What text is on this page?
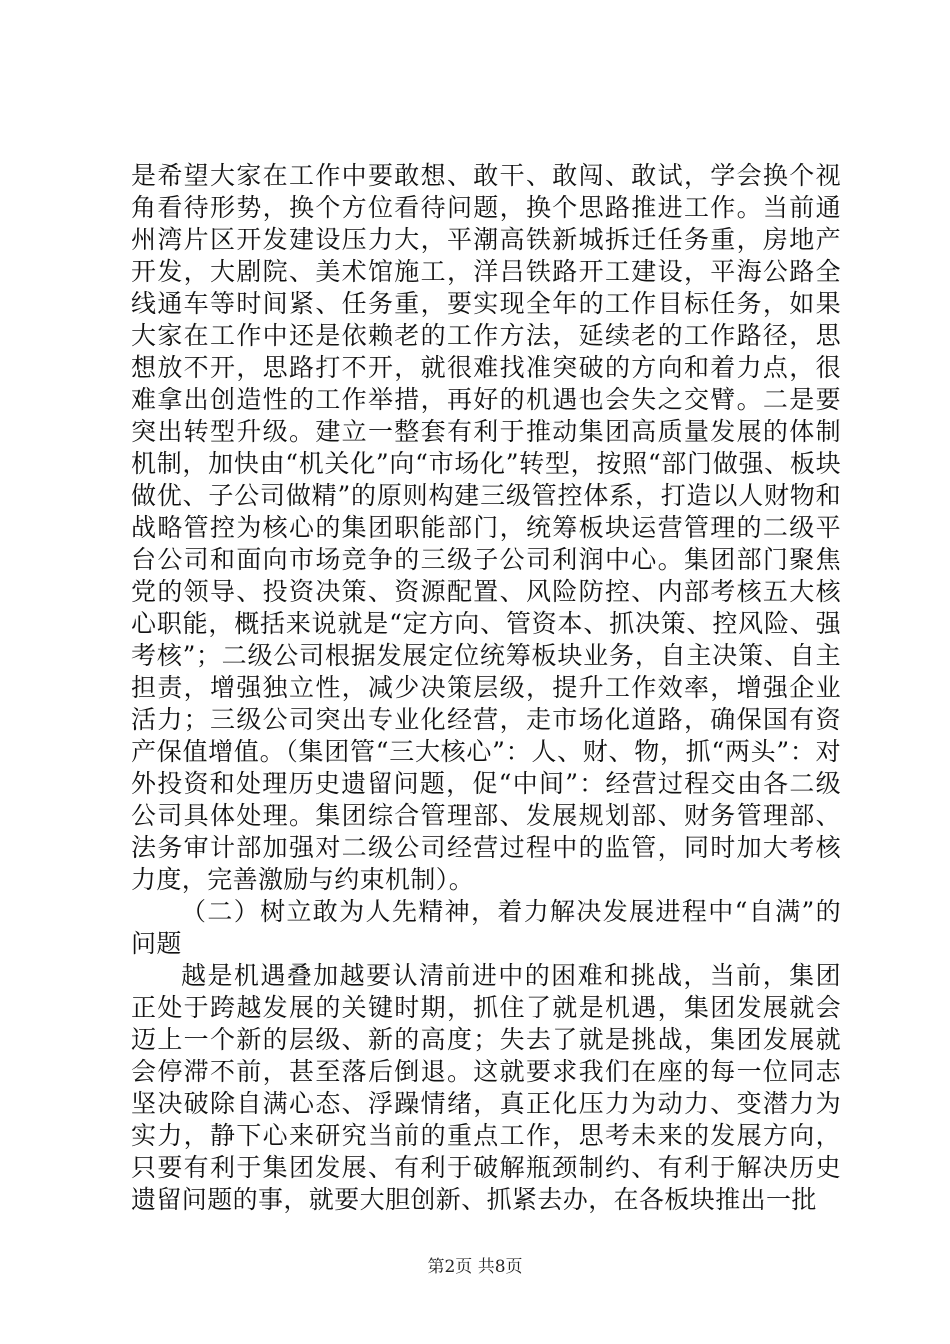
是希望大家在工作中要敢想、敢干、敢闯、敢试，学会换个视角看待形势，换个方位看待问题，换个思路推进工作。当前通州湾片区开发建设压力大，平潮高铁新城拆迁任务重，房地产开发，大剧院、美术馆施工，洋吕铁路开工建设，平海公路全线通车等时间紧、任务重，要实现全年的工作目标任务，如果大家在工作中还是依赖老的工作方法，延续老的工作路径，思想放不开，思路打不开，就很难找准突破的方向和着力点，很难拿出创造性的工作举措，再好的机遇也会失之交臂。二是要突出转型升级。建立一整套有利于推动集团高质量发展的体制机制，加快由“机关化”向“市场化”转型，按照“部门做强、板块做优、子公司做精”的原则构建三级管控体系，打造以人财物和战略管控为核心的集团职能部门，统筹板块运营管理的二级平台公司和面向市场竞争的三级子公司利润中心。集团部门聚焦党的领导、投资决策、资源配置、风险防控、内部考核五大核心职能，概括来说就是“定方向、管资本、抓决策、控风险、强考核”；二级公司根据发展定位统筹板块业务，自主决策、自主担责，增强独立性，减少决策层级，提升工作效率，增强企业活力；三级公司突出专业化经营，走市场化道路，确保国有资产保值增值。（集团管“三大核心”：人、财、物，抓“两头”：对外投资和处理历史遗留问题，促“中间”：经营过程交由各二级公司具体处理。集团综合管理部、发展规划部、财务管理部、法务审计部加强对二级公司经营过程中的监管，同时加大考核力度，完善激励与约束机制）。

（二）树立敢为人先精神，着力解决发展进程中“自满”的问题

越是机遇叠加越要认清前进中的困难和挑战，当前，集团正处于跨越发展的关键时期，抓住了就是机遇，集团发展就会迈上一个新的层级、新的高度；失去了就是挑战，集团发展就会停滞不前，甚至落后倒退。这就要求我们在座的每一位同志坚决破除自满心态、浮躁情绪，真正化压力为动力、变潜力为实力，静下心来研究当前的重点工作，思考未来的发展方向，只要有利于集团发展、有利于破解瓶颈制约、有利于解决历史遗留问题的事，就要大胆创新、抓紧去办，在各板块推出一批

第2页 共8页
